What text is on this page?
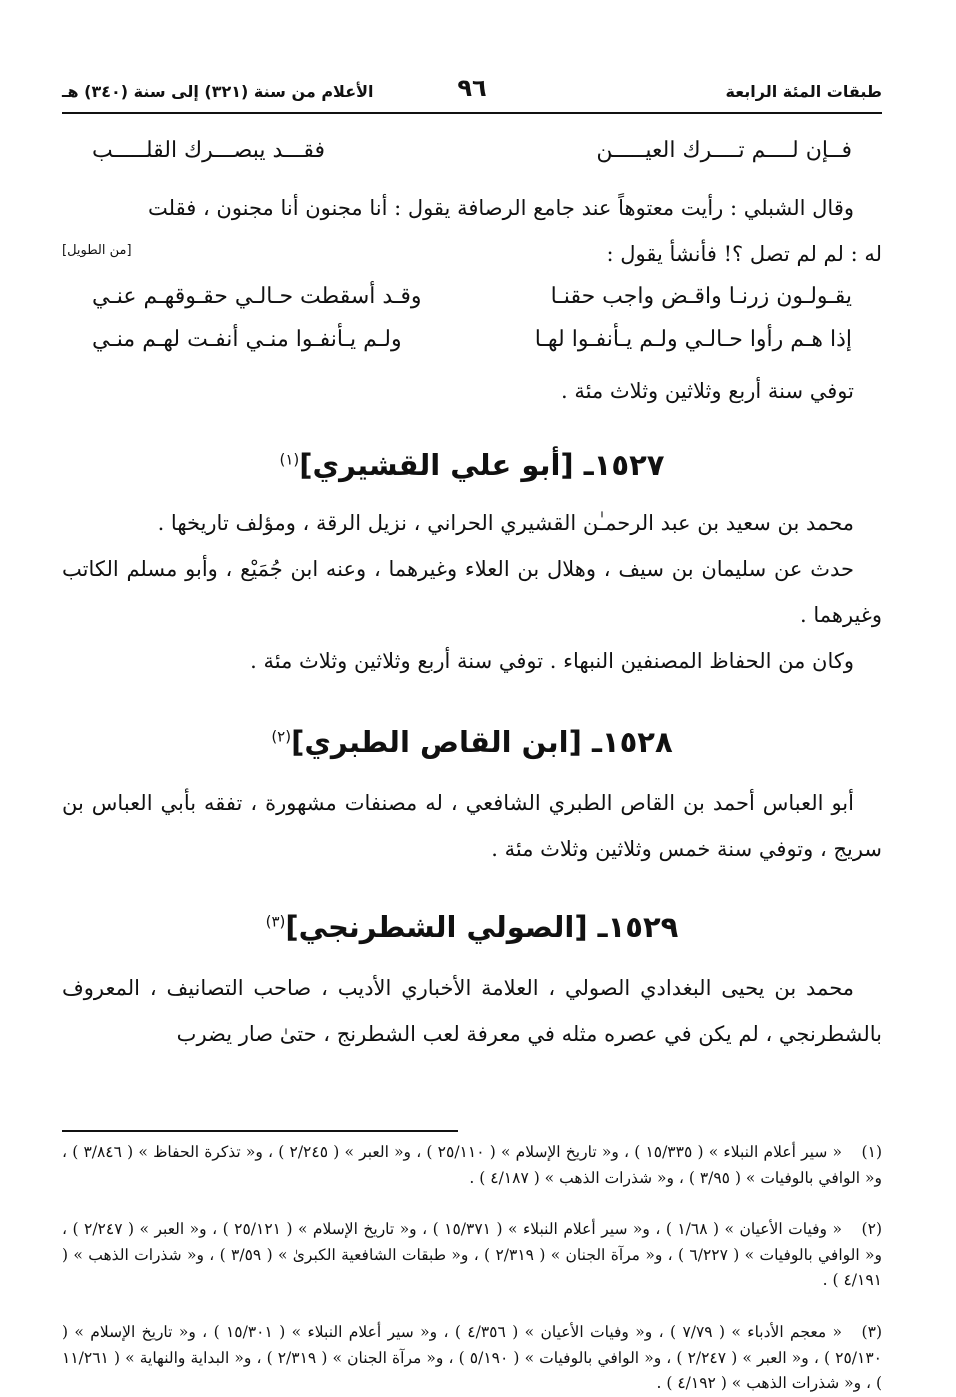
طبقات المئة الرابعة
٩٦
الأعلام من سنة (٣٢١) إلى سنة (٣٤٠) هـ
فــإن لــــم تــــرك العيـــــن
فقـــد يبصـــرك القلـــــب
وقال الشبلي : رأيت معتوهاً عند جامع الرصافة يقول : أنا مجنون أنا مجنون ، فقلت
له : لم لم تصل ؟! فأنشأ يقول :
[من الطويل]
يقـولـون زرنـا واقـض واجب حقنـا
وقـد أسقطت حـالـي حقـوقهـم عنـي
إذا هـم رأوا حـالـي ولـم يـأنفـوا لهـا
ولـم يـأنفـوا منـي أنفـت لهـم منـي
توفي سنة أربع وثلاثين وثلاث مئة .
١٥٢٧ـ [أبو علي القشيري]$^{(١)}$
محمد بن سعيد بن عبد الرحمـٰن القشيري الحراني ، نزيل الرقة ، ومؤلف تاريخها .
حدث عن سليمان بن سيف ، وهلال بن العلاء وغيرهما ، وعنه ابن جُمَيْع ، وأبو مسلم الكاتب وغيرهما .
وكان من الحفاظ المصنفين النبهاء . توفي سنة أربع وثلاثين وثلاث مئة .
١٥٢٨ـ [ابن القاص الطبري]$^{(٢)}$
أبو العباس أحمد بن القاص الطبري الشافعي ، له مصنفات مشهورة ، تفقه بأبي العباس بن سريج ، وتوفي سنة خمس وثلاثين وثلاث مئة .
١٥٢٩ـ [الصولي الشطرنجي]$^{(٣)}$
محمد بن يحيى البغدادي الصولي ، العلامة الأخباري الأديب ، صاحب التصانيف ، المعروف بالشطرنجي ، لم يكن في عصره مثله في معرفة لعب الشطرنج ، حتىٰ صار يضرب
(١)« سير أعلام النبلاء » ( ١٥/٣٣٥ ) ، و« تاريخ الإسلام » ( ٢٥/١١٠ ) ، و« العبر » ( ٢/٢٤٥ ) ، و« تذكرة الحفاظ » ( ٣/٨٤٦ ) ، و« الوافي بالوفيات » ( ٣/٩٥ ) ، و« شذرات الذهب » ( ٤/١٨٧ ) .
(٢)« وفيات الأعيان » ( ١/٦٨ ) ، و« سير أعلام النبلاء » ( ١٥/٣٧١ ) ، و« تاريخ الإسلام » ( ٢٥/١٢١ ) ، و« العبر » ( ٢/٢٤٧ ) ، و« الوافي بالوفيات » ( ٦/٢٢٧ ) ، و« مرآة الجنان » ( ٢/٣١٩ ) ، و« طبقات الشافعية الكبرىٰ » ( ٣/٥٩ ) ، و« شذرات الذهب » ( ٤/١٩١ ) .
(٣)« معجم الأدباء » ( ٧/٧٩ ) ، و« وفيات الأعيان » ( ٤/٣٥٦ ) ، و« سير أعلام النبلاء » ( ١٥/٣٠١ ) ، و« تاريخ الإسلام » ( ٢٥/١٣٠ ) ، و« العبر » ( ٢/٢٤٧ ) ، و« الوافي بالوفيات » ( ٥/١٩٠ ) ، و« مرآة الجنان » ( ٢/٣١٩ ) ، و« البداية والنهاية » ( ١١/٢٦١ ) ، و« شذرات الذهب » ( ٤/١٩٢ ) .
